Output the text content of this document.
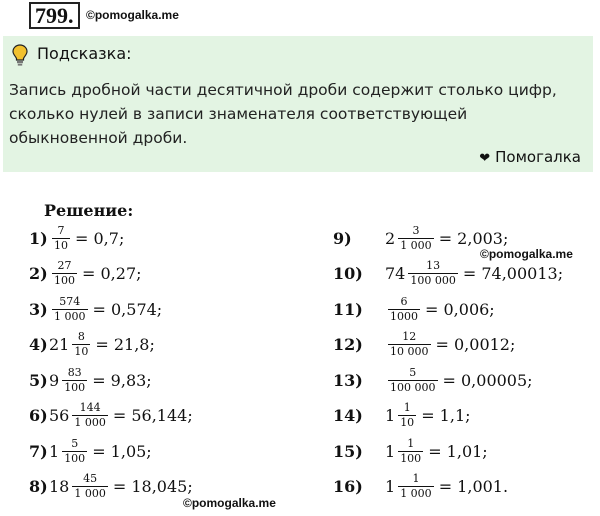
799.	©pomogalka.me
Подсказка:
Запись дробной части десятичной дроби содержит столько цифр, сколько нулей в записи знаменателя соответствующей обыкновенной дроби.
❤ Помогалка
Решение:
$1) \frac{7}{10} = 0,7$;
$2) \frac{27}{100} = 0,27$;
$3) \frac{574}{1 000} = 0,574$;
4) $21 \frac{8}{10} = 21,8$;
5) $9 \frac{83}{100} = 9,83$;
6) $56 \frac{144}{1 000} = 56,144$;
7) $1 \frac{5}{100} = 1,05$;
8) $18 \frac{45}{1 000} = 18,045$;
9)	$2 \frac{3}{1 000} = 2,003$;
10)	$74 \frac{13}{100 000} = 74,00013$;
11)	$\frac{6}{1000} = 0,006$;
12)	$\frac{12}{10 000} = 0,0012$;
13)	$\frac{5}{100 000} = 0,00005$;
14)	$1 \frac{1}{10} = 1,1$;
15)	$1 \frac{1}{100} = 1,01$;
16)	$1 \frac{1}{1 000} = 1,001$.
©pomogalka.me
©pomogalka.me
